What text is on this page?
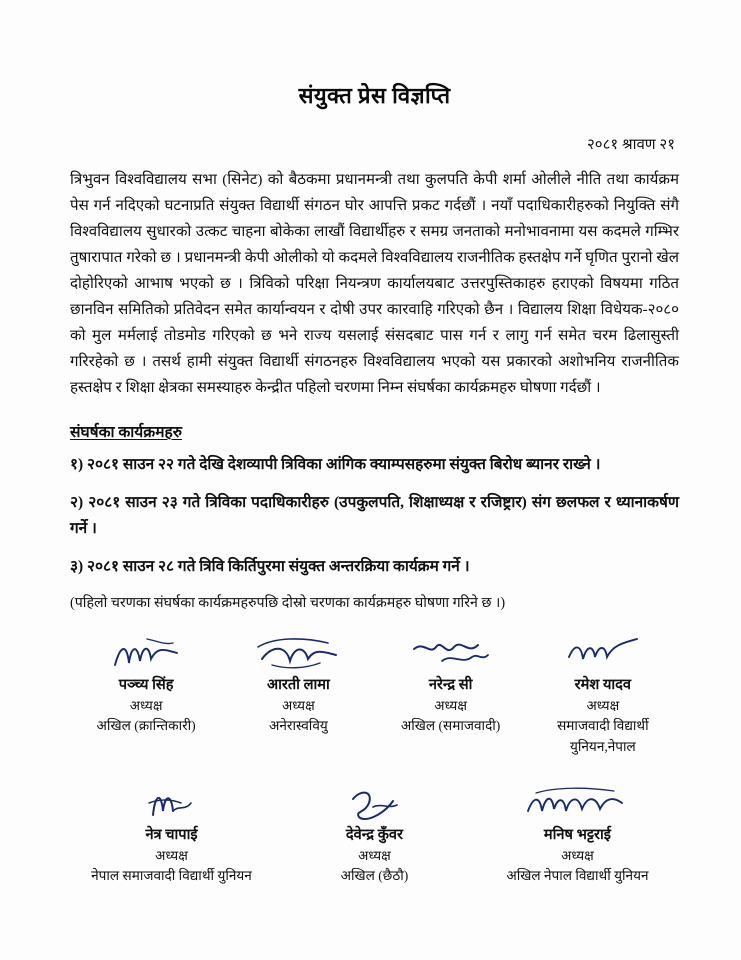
संयुक्त प्रेस विज्ञप्ति
२०८१ श्रावण २१
त्रिभुवन विश्वविद्यालय सभा (सिनेट) को बैठकमा प्रधानमन्त्री तथा कुलपति केपी शर्मा ओलीले नीति तथा कार्यक्रम पेस गर्न नदिएको घटनाप्रति संयुक्त विद्यार्थी संगठन घोर आपत्ति प्रकट गर्दछौं । नयाँ पदाधिकारीहरुको नियुक्ति संगै विश्वविद्यालय सुधारको उत्कट चाहना बोकेका लाखौं विद्यार्थीहरु र समग्र जनताको मनोभावनामा यस कदमले गम्भिर तुषारापात गरेको छ । प्रधानमन्त्री केपी ओलीको यो कदमले विश्वविद्यालय राजनीतिक हस्तक्षेप गर्ने घृणित पुरानो खेल दोहोरिएको आभाष भएको छ । त्रिविको परिक्षा नियन्त्रण कार्यालयबाट उत्तरपुस्तिकाहरु हराएको विषयमा गठित छानविन समितिको प्रतिवेदन समेत कार्यान्वयन र दोषी उपर कारवाहि गरिएको छैन । विद्यालय शिक्षा विधेयक-२०८० को मुल मर्मलाई तोडमोड गरिएको छ भने राज्य यसलाई संसदबाट पास गर्न र लागु गर्न समेत चरम ढिलासुस्ती गरिरहेको छ । तसर्थ हामी संयुक्त विद्यार्थी संगठनहरु विश्वविद्यालय भएको यस प्रकारको अशोभनिय राजनीतिक हस्तक्षेप र शिक्षा क्षेत्रका समस्याहरु केन्द्रीत पहिलो चरणमा निम्न संघर्षका कार्यक्रमहरु घोषणा गर्दछौं ।
संघर्षका कार्यक्रमहरु
१) २०८१ साउन २२ गते देखि देशव्यापी त्रिविका आंगिक क्याम्पसहरुमा संयुक्त बिरोध ब्यानर राख्ने ।
२) २०८१ साउन २३ गते त्रिविका पदाधिकारीहरु (उपकुलपति, शिक्षाध्यक्ष र रजिष्ट्रार) संग छलफल र ध्यानाकर्षण गर्ने ।
३) २०८१ साउन २८ गते त्रिवि किर्तिपुरमा संयुक्त अन्तरक्रिया कार्यक्रम गर्ने ।
(पहिलो चरणका संघर्षका कार्यक्रमहरुपछि दोस्रो चरणका कार्यक्रमहरु घोषणा गरिने छ ।)
पञ्च्य सिंह
अध्यक्ष
अखिल (क्रान्तिकारी)
आरती लामा
अध्यक्ष
अनेरास्वविय‍ु
नरेन्द्र सी
अध्यक्ष
अखिल (समाजवादी)
रमेश यादव
अध्यक्ष
समाजवादी विद्यार्थी युनियन,नेपाल
नेत्र चापाई
अध्यक्ष
नेपाल समाजवादी विद्यार्थी युनियन
देवेन्द्र कुँवर
अध्यक्ष
अखिल (छैठौ)
मनिष भट्टराई
अध्यक्ष
अखिल नेपाल विद्यार्थी युनियन
